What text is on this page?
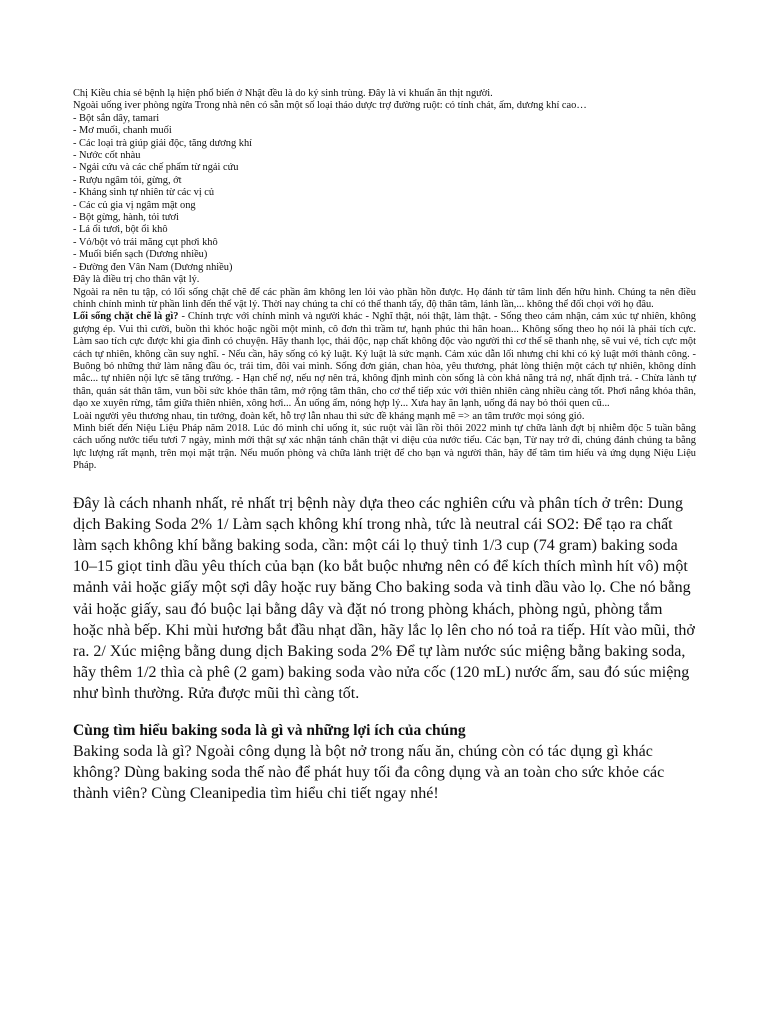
Chị Kiều chia sẻ bệnh lạ hiện phổ biến ở Nhật đều là do ký sinh trùng. Đây là vi khuẩn ăn thịt người.

Ngoài uống iver phòng ngừa Trong nhà nên có sẵn một số loại thảo dược trợ đường ruột: có tính chát, ấm, dương khí cao…

- Bột sắn dây, tamari

- Mơ muối, chanh muối

- Các loại trà giúp giải độc, tăng dương khí

- Nước cốt nhàu

- Ngải cứu và các chế phẩm từ ngải cứu

- Rượu ngâm tỏi, gừng, ớt

- Kháng sinh tự nhiên từ các vị củ

- Các củ gia vị ngâm mật ong

- Bột gừng, hành, tỏi tươi

- Lá ổi tươi, bột ổi khô

- Vỏ/bột vỏ trái măng cụt phơi khô

- Muối biển sạch (Dương nhiều)

- Đường đen Vân Nam (Dương nhiều)

Đây là điều trị cho thân vật lý.

Ngoài ra nên tu tập, có lối sống chặt chẽ để các phần âm không len lỏi vào phần hồn được. Họ đánh từ tâm linh đến hữu hình. Chúng ta nên điều chỉnh chính mình từ phần linh đến thể vật lý. Thời nay chúng ta chỉ có thể thanh tẩy, độ thân tâm, lánh lần,... không thể đối chọi với họ đâu.

Lối sống chặt chẽ là gì? - Chính trực với chính mình và người khác - Nghĩ thật, nói thật, làm thật. - Sống theo cảm nhận, cảm xúc tự nhiên, không gượng ép. Vui thì cười, buồn thì khóc hoặc ngồi một mình, cô đơn thì trầm tư, hạnh phúc thì hân hoan... Không sống theo họ nói là phải tích cực. Làm sao tích cực được khi gia đình có chuyện. Hãy thanh lọc, thải độc, nạp chất không độc vào người thì cơ thể sẽ thanh nhẹ, sẽ vui vẻ, tích cực một cách tự nhiên, không cần suy nghĩ. - Nếu cần, hãy sống có kỷ luật. Kỷ luật là sức mạnh. Cảm xúc dẫn lối nhưng chỉ khi có kỷ luật mới thành công. - Buông bỏ những thứ làm năng đầu óc, trái tim, đôi vai mình. Sống đơn giản, chan hòa, yêu thương, phát lòng thiện một cách tự nhiên, không dính mắc... tự nhiên nội lực sẽ tăng trưởng. - Hạn chế nợ, nếu nợ nên trả, không định mình còn sống là còn khả năng trả nợ, nhất định trả. - Chừa lành tự thân, quán sát thân tâm, vun bồi sức khỏe thân tâm, mở rộng tâm thân, cho cơ thể tiếp xúc với thiên nhiên càng nhiều càng tốt. Phơi nắng khỏa thân, dạo xe xuyên rừng, tắm giữa thiên nhiên, xông hơi... Ăn uống ấm, nóng hợp lý... Xưa hay ăn lạnh, uống đá nay bỏ thói quen cũ...

Loài người yêu thương nhau, tin tưởng, đoàn kết, hỗ trợ lẫn nhau thì sức đề kháng mạnh mẽ => an tâm trước mọi sóng gió.

Mình biết đến Niệu Liệu Pháp năm 2018. Lúc đó mình chỉ uống ít, súc ruột vài lần rồi thôi 2022 mình tự chữa lành đợt bị nhiễm độc 5 tuần bằng cách uống nước tiểu tươi 7 ngày, mình mới thật sự xác nhận tánh chân thật vi diệu của nước tiểu. Các bạn, Từ nay trở đi, chúng đánh chúng ta bằng lực lượng rất mạnh, trên mọi mặt trận. Nếu muốn phòng và chữa lành triệt để cho bạn và người thân, hãy để tâm tìm hiểu và ứng dụng Niệu Liệu Pháp.

Đây là cách nhanh nhất, rẻ nhất trị bệnh này dựa theo các nghiên cứu và phân tích ở trên: Dung dịch Baking Soda 2% 1/ Làm sạch không khí trong nhà, tức là neutral cái SO2: Để tạo ra chất làm sạch không khí bằng baking soda, cần: một cái lọ thuỷ tinh 1/3 cup (74 gram) baking soda 10–15 giọt tinh dầu yêu thích của bạn (ko bắt buộc nhưng nên có để kích thích mình hít vô) một mảnh vải hoặc giấy một sợi dây hoặc ruy băng Cho baking soda và tinh dầu vào lọ. Che nó bằng vải hoặc giấy, sau đó buộc lại bằng dây và đặt nó trong phòng khách, phòng ngủ, phòng tắm hoặc nhà bếp. Khi mùi hương bắt đầu nhạt dần, hãy lắc lọ lên cho nó toả ra tiếp. Hít vào mũi, thở ra. 2/ Xúc miệng bằng dung dịch Baking soda 2% Để tự làm nước súc miệng bằng baking soda, hãy thêm 1/2 thìa cà phê (2 gam) baking soda vào nửa cốc (120 mL) nước ấm, sau đó súc miệng như bình thường. Rửa được mũi thì càng tốt.

Cùng tìm hiểu baking soda là gì và những lợi ích của chúng

Baking soda là gì? Ngoài công dụng là bột nở trong nấu ăn, chúng còn có tác dụng gì khác không? Dùng baking soda thế nào để phát huy tối đa công dụng và an toàn cho sức khỏe các thành viên? Cùng Cleanipedia tìm hiểu chi tiết ngay nhé!
